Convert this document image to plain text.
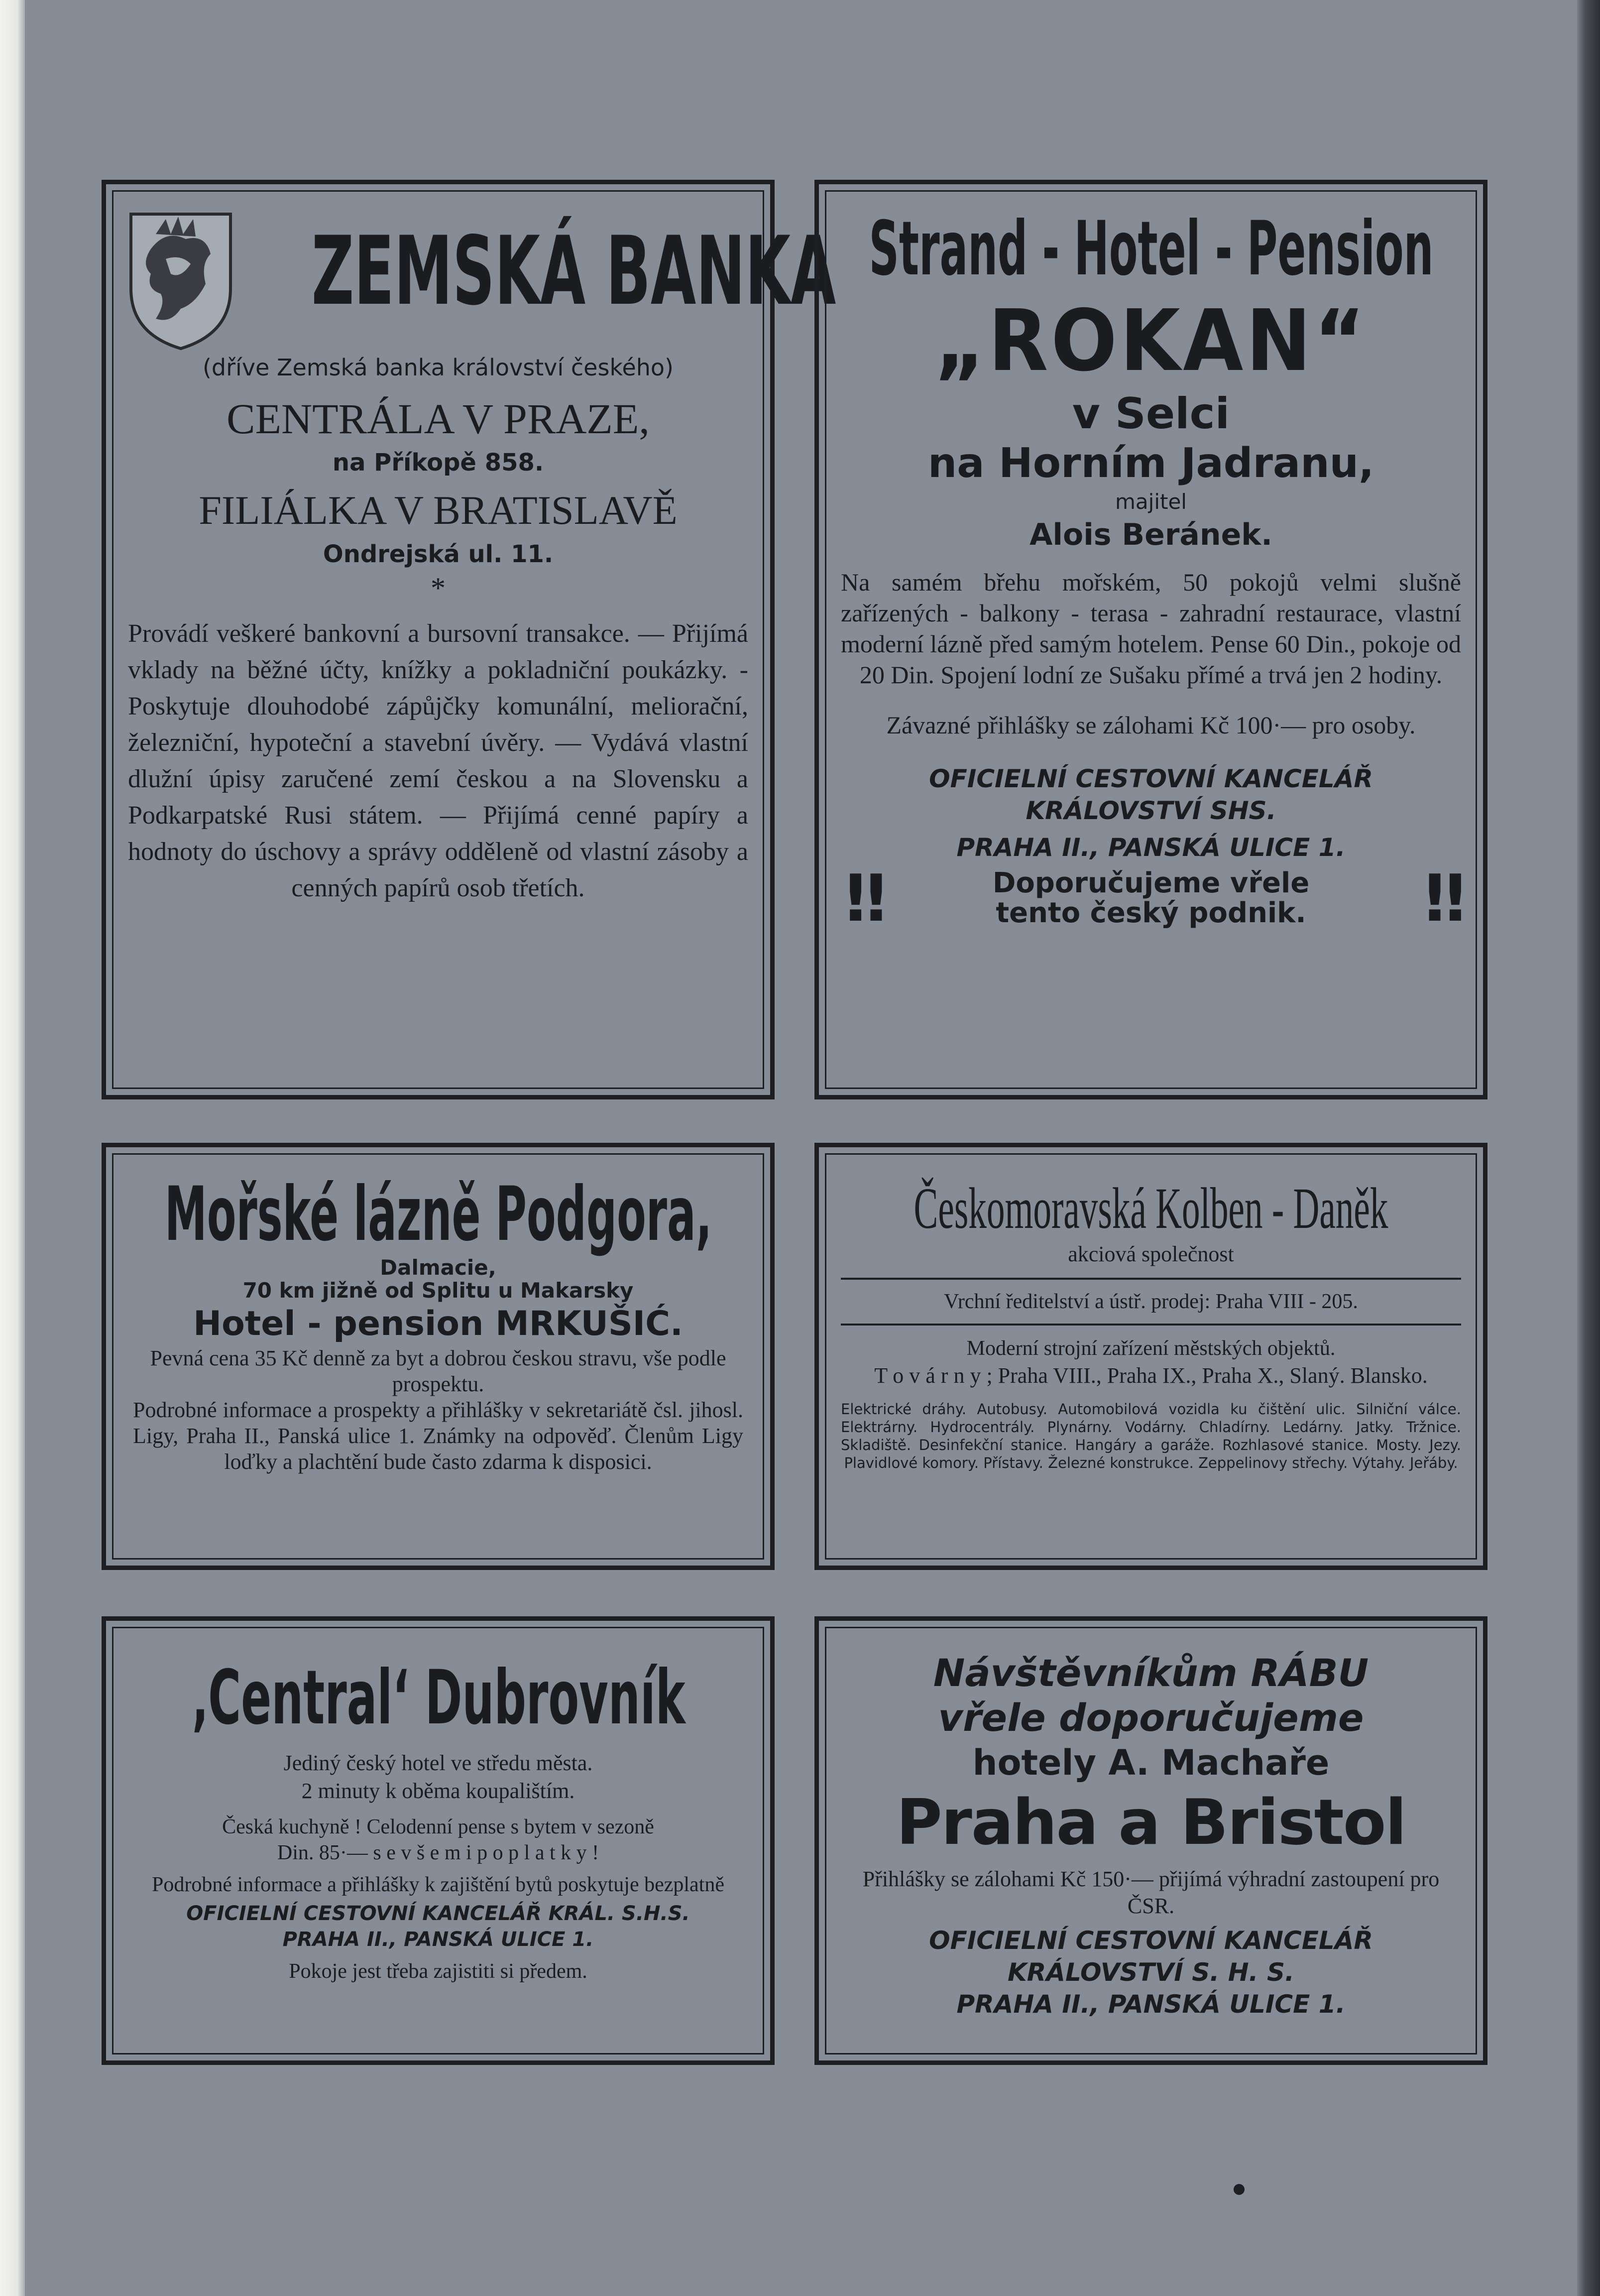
ZEMSKÁ BANKA
(dříve Zemská banka království českého)
CENTRÁLA V PRAZE,
na Příkopě 858.
FILIÁLKA V BRATISLAVĚ
Ondrejská ul. 11.
*
Provádí veškeré bankovní a bursovní transakce. — Přijímá vklady na běžné účty, knížky a pokladniční poukázky. - Poskytuje dlouhodobé zápůjčky komunální, meliorační, železniční, hypoteční a stavební úvěry. — Vydává vlastní dlužní úpisy zaručené zemí českou a na Slovensku a Podkarpatské Rusi státem. — Přijímá cenné papíry a hodnoty do úschovy a správy odděleně od vlastní zásoby a cenných papírů osob třetích.
Strand - Hotel - Pension „ROKAN“
v Selci
na Horním Jadranu,
majitel
Alois Beránek.
Na samém břehu mořském, 50 pokojů velmi slušně zařízených - balkony - terasa - zahradní restaurace, vlastní moderní lázně před samým hotelem. Pense 60 Din., pokoje od 20 Din. Spojení lodní ze Sušaku přímé a trvá jen 2 hodiny.
Závazné přihlášky se zálohami Kč 100·— pro osoby.
OFICIELNÍ CESTOVNÍ KANCELÁŘ
KRÁLOVSTVÍ SHS.
PRAHA II., PANSKÁ ULICE 1.
!!	Doporučujeme vřele
tento český podnik. !!
Mořské lázně Podgora,
Dalmacie,
70 km jižně od Splitu u Makarsky
Hotel - pension MRKUŠIĆ.
Pevná cena 35 Kč denně za byt a dobrou českou stravu, vše podle prospektu.
Podrobné informace a prospekty a přihlášky v sekretariátě čsl. jihosl. Ligy, Praha II., Panská ulice 1. Známky na odpověď. Členům Ligy loďky a plachtění bude často zdarma k disposici.
Českomoravská Kolben - Daněk
akciová společnost
Vrchní ředitelství a ústř. prodej: Praha VIII - 205.
Moderní strojní zařízení městských objektů.
T o v á r n y ; Praha VIII., Praha IX., Praha X., Slaný. Blansko.
Elektrické dráhy. Autobusy. Automobilová vozidla ku čištění ulic. Silniční válce. Elektrárny. Hydrocentrály. Plynárny. Vodárny. Chladírny. Ledárny. Jatky. Tržnice. Skladiště. Desinfekční stanice. Hangáry a garáže. Rozhlasové stanice. Mosty. Jezy. Plavidlové komory. Přístavy. Železné konstrukce. Zeppelinovy střechy. Výtahy. Jeřáby.
‚Central‘ Dubrovník
Jediný český hotel ve středu města.
2 minuty k oběma koupalištím.
Česká kuchyně ! Celodenní pense s bytem v sezoně
Din. 85·— s e v š e m i p o p l a t k y !
Podrobné informace a přihlášky k zajištění bytů poskytuje bezplatně
OFICIELNÍ CESTOVNÍ KANCELÁŘ KRÁL. S.H.S.
PRAHA II., PANSKÁ ULICE 1.
Pokoje jest třeba zajistiti si předem.
Návštěvníkům RÁBU
vřele doporučujeme
hotely A. Machaře
Praha a Bristol
Přihlášky se zálohami Kč 150·— přijímá výhradní zastoupení pro ČSR.
OFICIELNÍ CESTOVNÍ KANCELÁŘ
KRÁLOVSTVÍ S. H. S.
PRAHA II., PANSKÁ ULICE 1.
